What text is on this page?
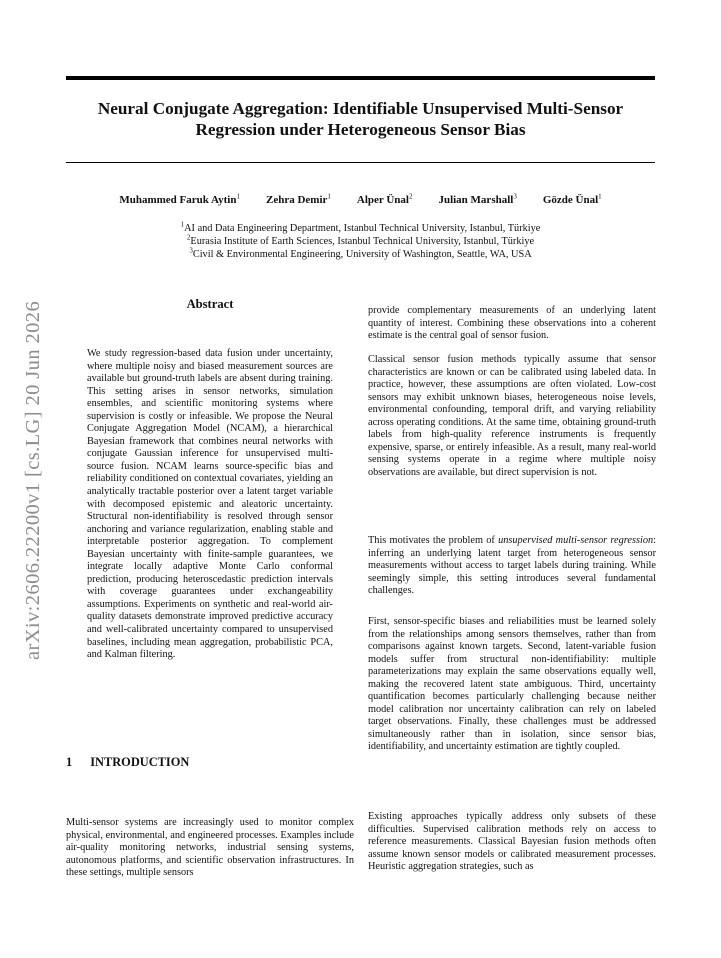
Neural Conjugate Aggregation: Identifiable Unsupervised Multi-Sensor Regression under Heterogeneous Sensor Bias
Muhammed Faruk Aytin$^1$ Zehra Demir$^1$ Alper Ünal$^2$ Julian Marshall$^3$ Gözde Ünal$^1$
$^1$AI and Data Engineering Department, Istanbul Technical University, Istanbul, Türkiye
$^2$Eurasia Institute of Earth Sciences, Istanbul Technical University, Istanbul, Türkiye
$^3$Civil & Environmental Engineering, University of Washington, Seattle, WA, USA
arXiv:2606.22200v1 [cs.LG] 20 Jun 2026	Abstract

We study regression-based data fusion under uncertainty, where multiple noisy and biased measurement sources are available but ground-truth labels are absent during training. This setting arises in sensor networks, simulation ensembles, and scientific monitoring systems where supervision is costly or infeasible. We propose the Neural Conjugate Aggregation Model (NCAM), a hierarchical Bayesian framework that combines neural networks with conjugate Gaussian inference for unsupervised multi-source fusion. NCAM learns source-specific bias and reliability conditioned on contextual covariates, yielding an analytically tractable posterior over a latent target variable with decomposed epistemic and aleatoric uncertainty. Structural non-identifiability is resolved through sensor anchoring and variance regularization, enabling stable and interpretable posterior aggregation. To complement Bayesian uncertainty with finite-sample guarantees, we integrate locally adaptive Monte Carlo conformal prediction, producing heteroscedastic prediction intervals with coverage guarantees under exchangeability assumptions. Experiments on synthetic and real-world air-quality datasets demonstrate improved predictive accuracy and well-calibrated uncertainty compared to unsupervised baselines, including mean aggregation, probabilistic PCA, and Kalman filtering.

1 INTRODUCTION

Multi-sensor systems are increasingly used to monitor complex physical, environmental, and engineered processes. Examples include air-quality monitoring networks, industrial sensing systems, autonomous platforms, and scientific observation infrastructures. In these settings, multiple sensors

provide complementary measurements of an underlying latent quantity of interest. Combining these observations into a coherent estimate is the central goal of sensor fusion.

Classical sensor fusion methods typically assume that sensor characteristics are known or can be calibrated using labeled data. In practice, however, these assumptions are often violated. Low-cost sensors may exhibit unknown biases, heterogeneous noise levels, environmental confounding, temporal drift, and varying reliability across operating conditions. At the same time, obtaining ground-truth labels from high-quality reference instruments is frequently expensive, sparse, or entirely infeasible. As a result, many real-world sensing systems operate in a regime where multiple noisy observations are available, but direct supervision is not.

This motivates the problem of unsupervised multi-sensor regression: inferring an underlying latent target from heterogeneous sensor measurements without access to target labels during training. While seemingly simple, this setting introduces several fundamental challenges.

First, sensor-specific biases and reliabilities must be learned solely from the relationships among sensors themselves, rather than from comparisons against known targets. Second, latent-variable fusion models suffer from structural non-identifiability: multiple parameterizations may explain the same observations equally well, making the recovered latent state ambiguous. Third, uncertainty quantification becomes particularly challenging because neither model calibration nor uncertainty calibration can rely on labeled target observations. Finally, these challenges must be addressed simultaneously rather than in isolation, since sensor bias, identifiability, and uncertainty estimation are tightly coupled.

Existing approaches typically address only subsets of these difficulties. Supervised calibration methods rely on access to reference measurements. Classical Bayesian fusion methods often assume known sensor models or calibrated measurement processes. Heuristic aggregation strategies, such as
